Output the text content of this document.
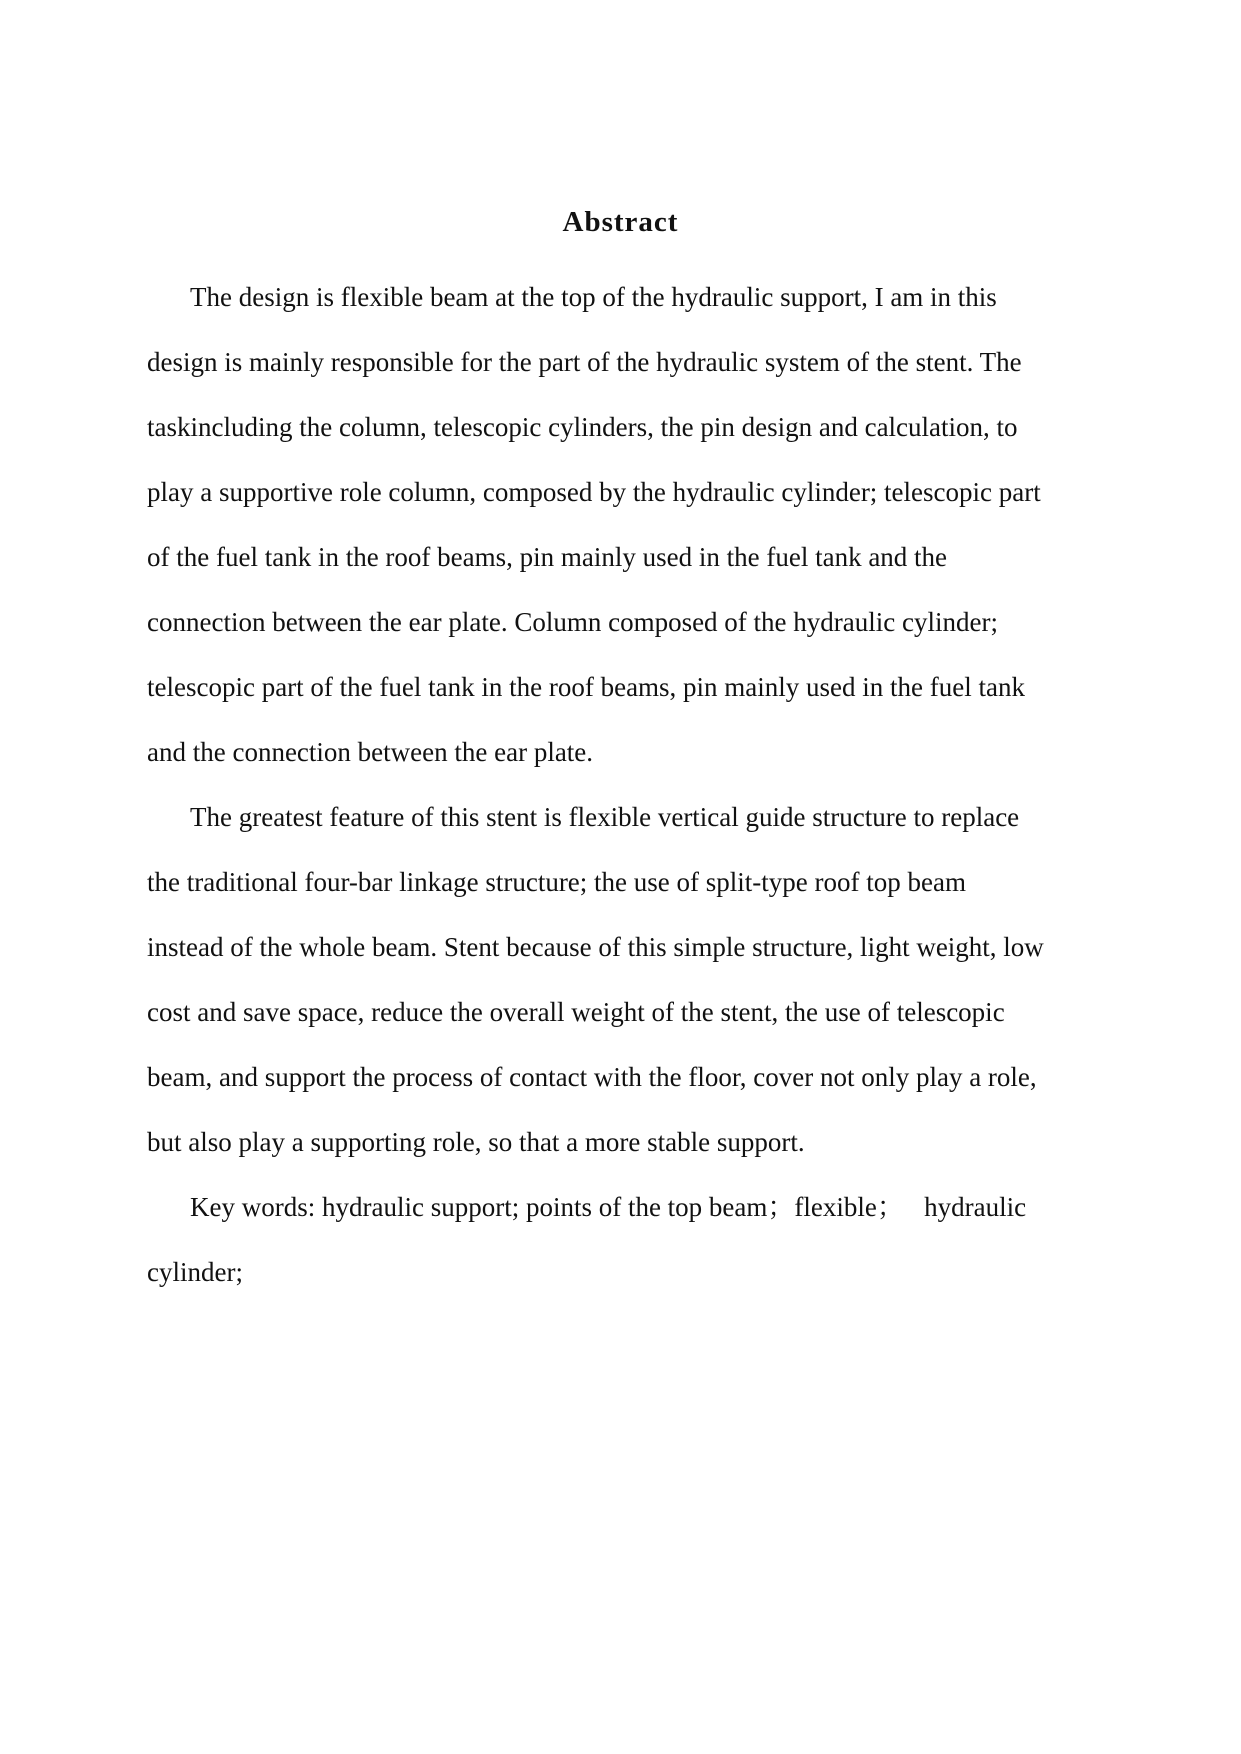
Abstract

The design is flexible beam at the top of the hydraulic support, I am in this
design is mainly responsible for the part of the hydraulic system of the stent. The
taskincluding the column, telescopic cylinders, the pin design and calculation, to
play a supportive role column, composed by the hydraulic cylinder; telescopic part
of the fuel tank in the roof beams, pin mainly used in the fuel tank and the
connection between the ear plate. Column composed of the hydraulic cylinder;
telescopic part of the fuel tank in the roof beams, pin mainly used in the fuel tank
and the connection between the ear plate.

The greatest feature of this stent is flexible vertical guide structure to replace
the traditional four-bar linkage structure; the use of split-type roof top beam
instead of the whole beam. Stent because of this simple structure, light weight, low
cost and save space, reduce the overall weight of the stent, the use of telescopic
beam, and support the process of contact with the floor, cover not only play a role,
but also play a supporting role, so that a more stable support.

Key words: hydraulic support; points of the top beam；flexible；   hydraulic
cylinder;
